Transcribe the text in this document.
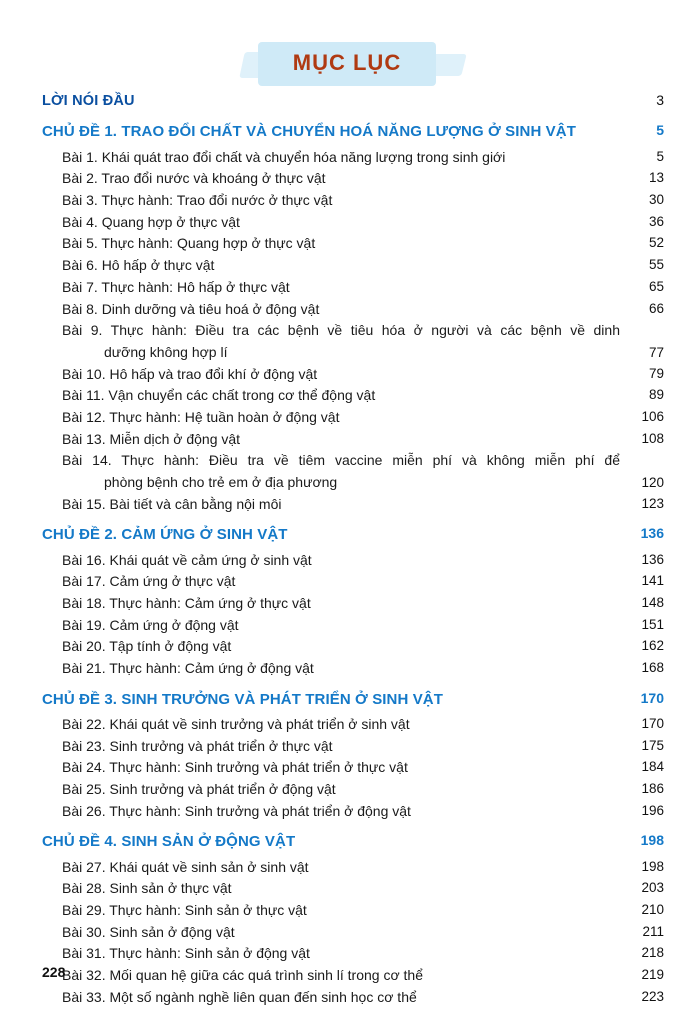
MỤC LỤC
LỜI NÓI ĐẦU	3
CHỦ ĐỀ 1. TRAO ĐỔI CHẤT VÀ CHUYỂN HOÁ NĂNG LƯỢNG Ở SINH VẬT	5
Bài 1. Khái quát trao đổi chất và chuyển hóa năng lượng trong sinh giới	5
Bài 2. Trao đổi nước và khoáng ở thực vật	13
Bài 3. Thực hành: Trao đổi nước ở thực vật	30
Bài 4. Quang hợp ở thực vật	36
Bài 5. Thực hành: Quang hợp ở thực vật	52
Bài 6. Hô hấp ở thực vật	55
Bài 7. Thực hành: Hô hấp ở thực vật	65
Bài 8. Dinh dưỡng và tiêu hoá ở động vật	66
Bài 9. Thực hành: Điều tra các bệnh về tiêu hóa ở người và các bệnh về dinh
dưỡng không hợp lí	77
Bài 10. Hô hấp và trao đổi khí ở động vật	79
Bài 11. Vận chuyển các chất trong cơ thể động vật	89
Bài 12. Thực hành: Hệ tuần hoàn ở động vật	106
Bài 13. Miễn dịch ở động vật	108
Bài 14. Thực hành: Điều tra về tiêm vaccine miễn phí và không miễn phí để
phòng bệnh cho trẻ em ở địa phương	120
Bài 15. Bài tiết và cân bằng nội môi	123
CHỦ ĐỀ 2. CẢM ỨNG Ở SINH VẬT	136
Bài 16. Khái quát về cảm ứng ở sinh vật	136
Bài 17. Cảm ứng ở thực vật	141
Bài 18. Thực hành: Cảm ứng ở thực vật	148
Bài 19. Cảm ứng ở động vật	151
Bài 20. Tập tính ở động vật	162
Bài 21. Thực hành: Cảm ứng ở động vật	168
CHỦ ĐỀ 3. SINH TRƯỞNG VÀ PHÁT TRIỂN Ở SINH VẬT	170
Bài 22. Khái quát về sinh trưởng và phát triển ở sinh vật	170
Bài 23. Sinh trưởng và phát triển ở thực vật	175
Bài 24. Thực hành: Sinh trưởng và phát triển ở thực vật	184
Bài 25. Sinh trưởng và phát triển ở động vật	186
Bài 26. Thực hành: Sinh trưởng và phát triển ở động vật	196
CHỦ ĐỀ 4. SINH SẢN Ở ĐỘNG VẬT	198
Bài 27. Khái quát về sinh sản ở sinh vật	198
Bài 28. Sinh sản ở thực vật	203
Bài 29. Thực hành: Sinh sản ở thực vật	210
Bài 30. Sinh sản ở động vật	211
Bài 31. Thực hành: Sinh sản ở động vật	218
Bài 32. Mối quan hệ giữa các quá trình sinh lí trong cơ thể	219
Bài 33. Một số ngành nghề liên quan đến sinh học cơ thể	223
228
